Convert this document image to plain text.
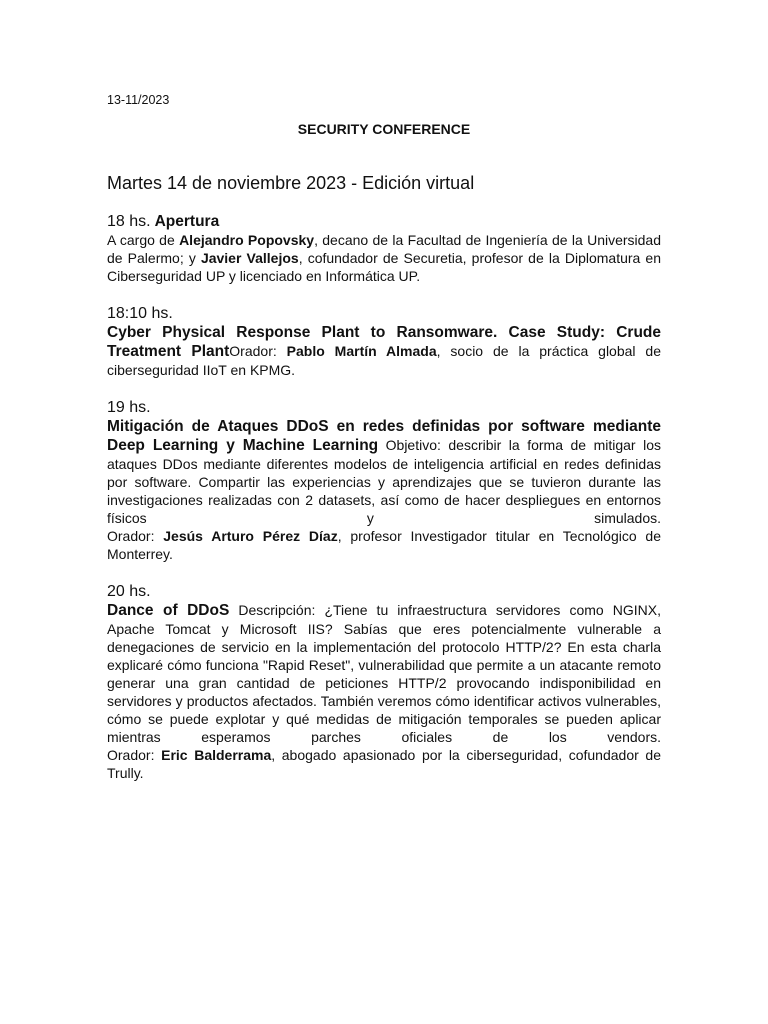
13-11/2023

SECURITY CONFERENCE

Martes 14 de noviembre 2023 - Edición virtual

18 hs. Apertura
A cargo de Alejandro Popovsky, decano de la Facultad de Ingeniería de la Universidad de Palermo; y Javier Vallejos, cofundador de Securetia, profesor de la Diplomatura en Ciberseguridad UP y licenciado en Informática UP.
18:10 hs.
Cyber Physical Response Plant to Ransomware. Case Study: Crude Treatment PlantOrador: Pablo Martín Almada, socio de la práctica global de ciberseguridad IIoT en KPMG.
19 hs.
Mitigación de Ataques DDoS en redes definidas por software mediante Deep Learning y Machine Learning Objetivo: describir la forma de mitigar los ataques DDos mediante diferentes modelos de inteligencia artificial en redes definidas por software. Compartir las experiencias y aprendizajes que se tuvieron durante las investigaciones realizadas con 2 datasets, así como de hacer despliegues en entornos físicos y simulados.
Orador: Jesús Arturo Pérez Díaz, profesor Investigador titular en Tecnológico de Monterrey.
20 hs.
Dance of DDoS Descripción: ¿Tiene tu infraestructura servidores como NGINX, Apache Tomcat y Microsoft IIS? Sabías que eres potencialmente vulnerable a denegaciones de servicio en la implementación del protocolo HTTP/2? En esta charla explicaré cómo funciona "Rapid Reset", vulnerabilidad que permite a un atacante remoto generar una gran cantidad de peticiones HTTP/2 provocando indisponibilidad en servidores y productos afectados. También veremos cómo identificar activos vulnerables, cómo se puede explotar y qué medidas de mitigación temporales se pueden aplicar mientras esperamos parches oficiales de los vendors.
Orador: Eric Balderrama, abogado apasionado por la ciberseguridad, cofundador de Trully.
